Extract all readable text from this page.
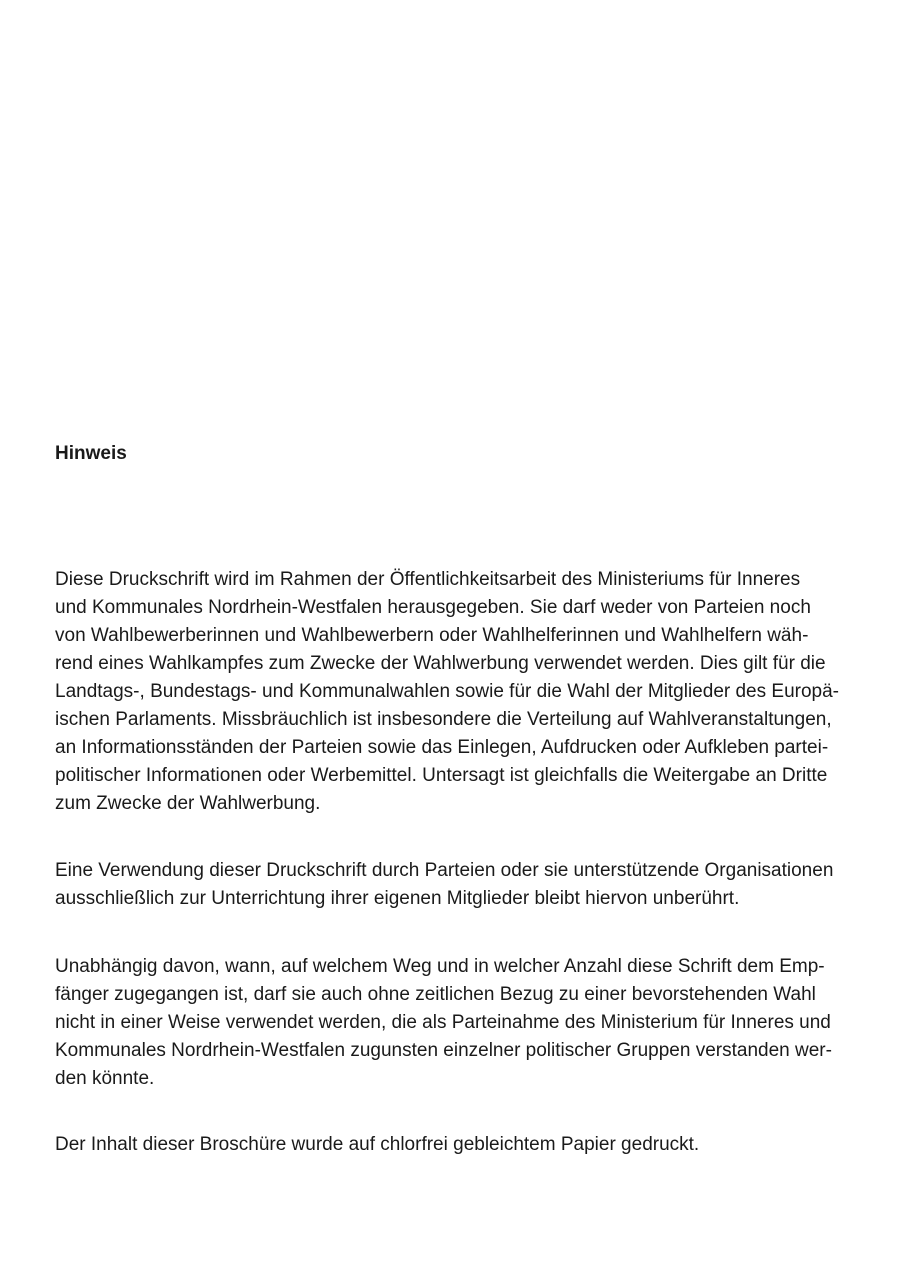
Hinweis

Diese Druckschrift wird im Rahmen der Öffentlichkeitsarbeit des Ministeriums für Inneres

und Kommunales Nordrhein-Westfalen herausgegeben. Sie darf weder von Parteien noch

von Wahlbewerberinnen und Wahlbewerbern oder Wahlhelferinnen und Wahlhelfern wäh-

rend eines Wahlkampfes zum Zwecke der Wahlwerbung verwendet werden. Dies gilt für die

Landtags-, Bundestags- und Kommunalwahlen sowie für die Wahl der Mitglieder des Europä-

ischen Parlaments. Missbräuchlich ist insbesondere die Verteilung auf Wahlveranstaltungen,

an Informationsständen der Parteien sowie das Einlegen, Aufdrucken oder Aufkleben partei-

politischer Informationen oder Werbemittel. Untersagt ist gleichfalls die Weitergabe an Dritte

zum Zwecke der Wahlwerbung.

Eine Verwendung dieser Druckschrift durch Parteien oder sie unterstützende Organisationen

ausschließlich zur Unterrichtung ihrer eigenen Mitglieder bleibt hiervon unberührt.

Unabhängig davon, wann, auf welchem Weg und in welcher Anzahl diese Schrift dem Emp-

fänger zugegangen ist, darf sie auch ohne zeitlichen Bezug zu einer bevorstehenden Wahl

nicht in einer Weise verwendet werden, die als Parteinahme des Ministerium für Inneres und

Kommunales Nordrhein-Westfalen zugunsten einzelner politischer Gruppen verstanden wer-

den könnte.

Der Inhalt dieser Broschüre wurde auf chlorfrei gebleichtem Papier gedruckt.
